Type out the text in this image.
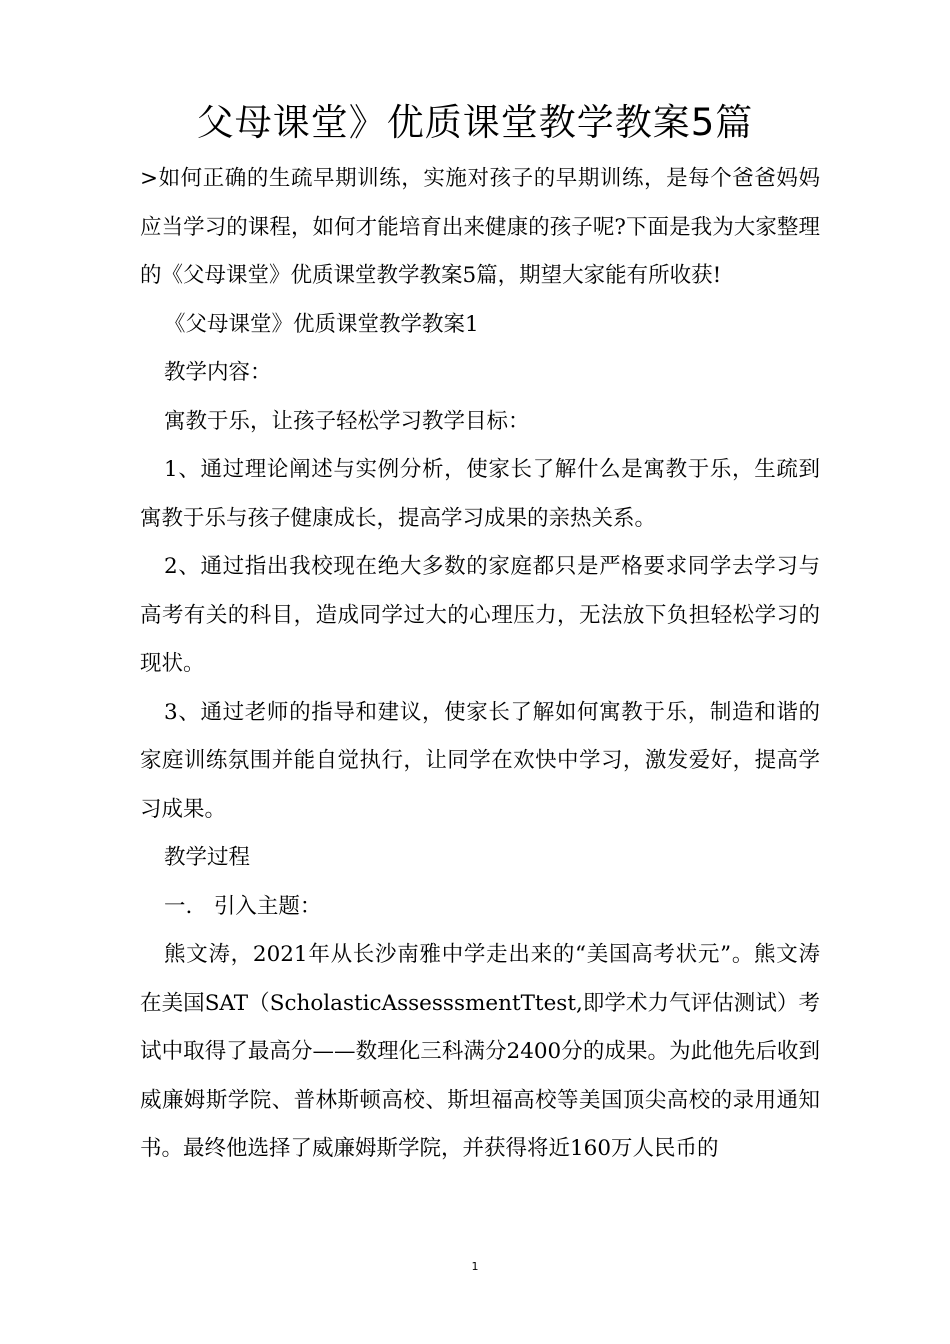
父母课堂》优质课堂教学教案5篇

>如何正确的生疏早期训练，实施对孩子的早期训练，是每个爸爸妈妈应当学习的课程，如何才能培育出来健康的孩子呢?下面是我为大家整理的《父母课堂》优质课堂教学教案5篇，期望大家能有所收获!

《父母课堂》优质课堂教学教案1

教学内容：

寓教于乐，让孩子轻松学习教学目标：

1、通过理论阐述与实例分析，使家长了解什么是寓教于乐，生疏到寓教于乐与孩子健康成长，提高学习成果的亲热关系。

2、通过指出我校现在绝大多数的家庭都只是严格要求同学去学习与高考有关的科目，造成同学过大的心理压力，无法放下负担轻松学习的现状。

3、通过老师的指导和建议，使家长了解如何寓教于乐，制造和谐的家庭训练氛围并能自觉执行，让同学在欢快中学习，激发爱好，提高学习成果。

教学过程

一.　引入主题：

熊文涛，2021年从长沙南雅中学走出来的“美国高考状元”。熊文涛在美国SAT（ScholasticAssesssmentTtest,即学术力气评估测试）考试中取得了最高分——数理化三科满分2400分的成果。为此他先后收到威廉姆斯学院、普林斯顿高校、斯坦福高校等美国顶尖高校的录用通知书。最终他选择了威廉姆斯学院，并获得将近160万人民币的

1
